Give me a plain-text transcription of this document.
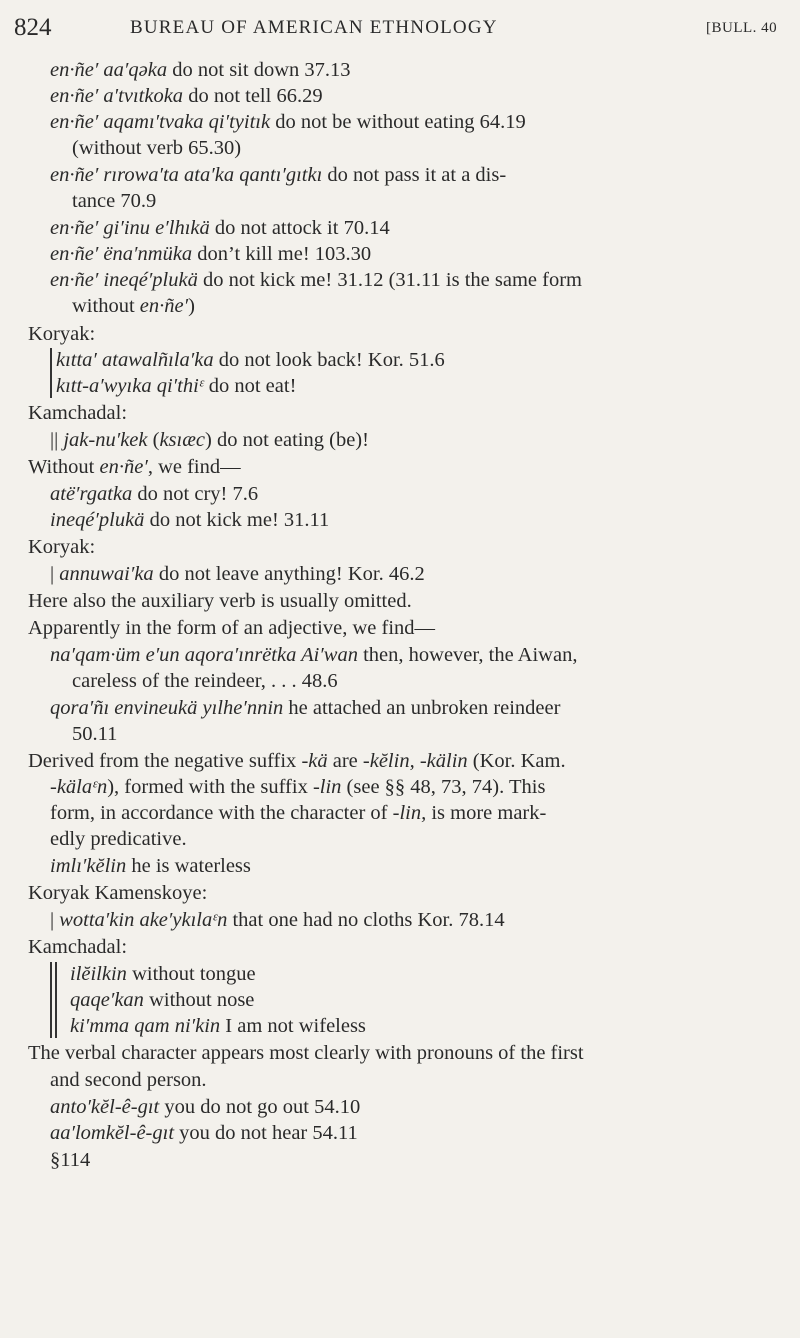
824	BUREAU OF AMERICAN ETHNOLOGY	[BULL. 40
en·ñe′ aa′qəka do not sit down 37.13
en·ñe′ a′tvıtkoka do not tell 66.29
en·ñe′ aqamı′tvaka qi′tyitık do not be without eating 64.19
(without verb 65.30)
en·ñe′ rırowa′ta ata′ka qantı′gıtkı do not pass it at a dis-
tance 70.9
en·ñe′ gi′inu e′lhıkä do not attock it 70.14
en·ñe′ ëna′nmüka don’t kill me! 103.30
en·ñe′ ineqé′plukä do not kick me! 31.12 (31.11 is the same form
without en·ñe′)
Koryak:
kıtta′ atawalñıla′ka do not look back! Kor. 51.6
kıtt-a′wyıka qi′thiᵋ do not eat!
Kamchadal:
|| jak-nu′kek (ksıæc) do not eating (be)!
Without en·ñe′, we find—
atë′rgatka do not cry! 7.6
ineqé′plukä do not kick me! 31.11
Koryak:
| annuwai′ka do not leave anything! Kor. 46.2
Here also the auxiliary verb is usually omitted.
Apparently in the form of an adjective, we find—
na′qam·üm e′un aqora′ınrëtka Ai′wan then, however, the Aiwan,
careless of the reindeer, . . . 48.6
qora′ñı envineukä yılhe′nnin he attached an unbroken reindeer
50.11
Derived from the negative suffix -kä are -kĕlin, -kälin (Kor. Kam.
-kälaᵋn), formed with the suffix -lin (see §§ 48, 73, 74). This
form, in accordance with the character of -lin, is more mark-
edly predicative.
imlı′kĕlin he is waterless
Koryak Kamenskoye:
| wotta′kin ake′ykılaᵋn that one had no cloths Kor. 78.14
Kamchadal:
ilĕilkin without tongue
qaqe′kan without nose
ki′mma qam ni′kin I am not wifeless
The verbal character appears most clearly with pronouns of the first
and second person.
anto′kĕl-ê-gıt you do not go out 54.10
aa′lomkĕl-ê-gıt you do not hear 54.11
§114
